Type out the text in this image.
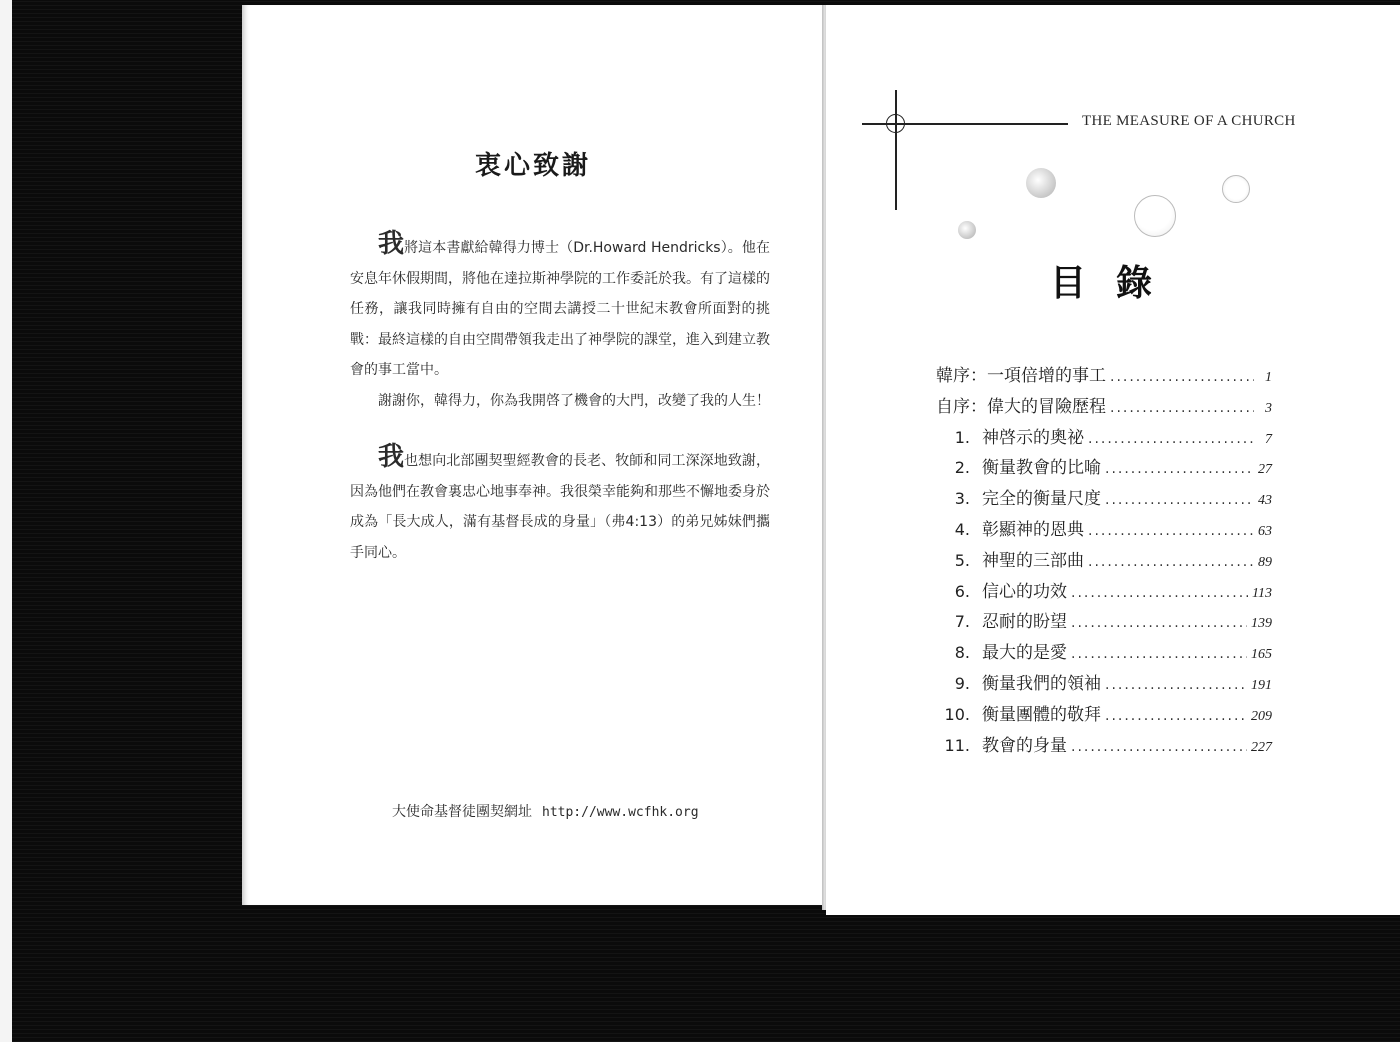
衷心致謝

我將這本書獻給韓得力博士（Dr.Howard Hendricks）。他在安息年休假期間，將他在達拉斯神學院的工作委託於我。有了這樣的任務，讓我同時擁有自由的空間去講授二十世紀末教會所面對的挑戰：最終這樣的自由空間帶領我走出了神學院的課堂，進入到建立教會的事工當中。

謝謝你，韓得力，你為我開啓了機會的大門，改變了我的人生！

我也想向北部團契聖經教會的長老、牧師和同工深深地致謝，因為他們在教會裏忠心地事奉神。我很榮幸能夠和那些不懈地委身於成為「長大成人，滿有基督長成的身量」（弗4:13）的弟兄姊妹們攜手同心。

大使命基督徒團契網址 http://www.wcfhk.org
THE MEASURE OF A CHURCH
目錄
韓序：一項倍增的事工 .....	1
自序：偉大的冒險歷程 .....	3
1. 神啓示的奧祕 .....	7
2. 衡量教會的比喻 .....	27
3. 完全的衡量尺度 .....	43
4. 彰顯神的恩典 .....	63
5. 神聖的三部曲 .....	89
6. 信心的功效 .....	113
7. 忍耐的盼望 .....	139
8. 最大的是愛 .....	165
9. 衡量我們的領袖 .....	191
10. 衡量團體的敬拜 .....	209
11. 教會的身量 .....	227
